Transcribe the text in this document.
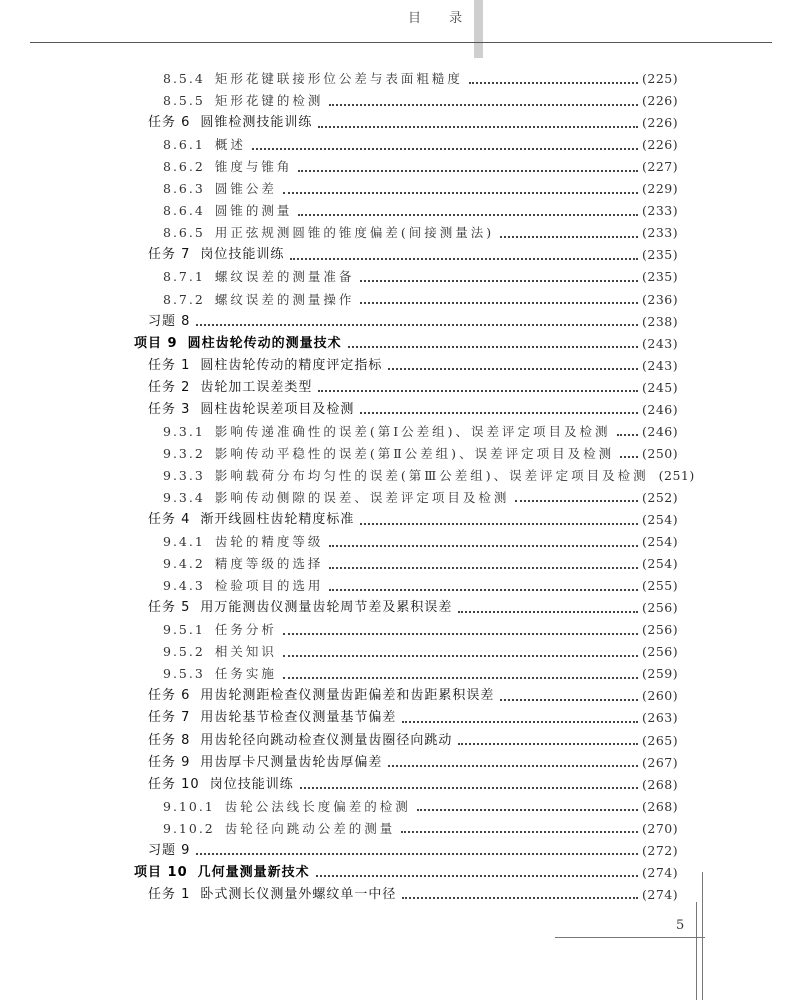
目 录
8.5.4 矩形花键联接形位公差与表面粗糙度	(225)
8.5.5 矩形花键的检测	(226)
任务 6 圆锥检测技能训练	(226)
8.6.1 概述	(226)
8.6.2 锥度与锥角	(227)
8.6.3 圆锥公差	(229)
8.6.4 圆锥的测量	(233)
8.6.5 用正弦规测圆锥的锥度偏差(间接测量法)	(233)
任务 7 岗位技能训练	(235)
8.7.1 螺纹误差的测量准备	(235)
8.7.2 螺纹误差的测量操作	(236)
习题 8	(238)
项目 9 圆柱齿轮传动的测量技术	(243)
任务 1 圆柱齿轮传动的精度评定指标	(243)
任务 2 齿轮加工误差类型	(245)
任务 3 圆柱齿轮误差项目及检测	(246)
9.3.1 影响传递准确性的误差(第Ⅰ公差组)、误差评定项目及检测	(246)
9.3.2 影响传动平稳性的误差(第Ⅱ公差组)、误差评定项目及检测 (250)
9.3.3 影响载荷分布均匀性的误差(第Ⅲ公差组)、误差评定项目及检测 (251)
9.3.4 影响传动侧隙的误差、误差评定项目及检测	(252)
任务 4 渐开线圆柱齿轮精度标准	(254)
9.4.1 齿轮的精度等级	(254)
9.4.2 精度等级的选择	(254)
9.4.3 检验项目的选用	(255)
任务 5 用万能测齿仪测量齿轮周节差及累积误差	(256)
9.5.1 任务分析	(256)
9.5.2 相关知识	(256)
9.5.3 任务实施	(259)
任务 6 用齿轮测距检查仪测量齿距偏差和齿距累积误差	(260)
任务 7 用齿轮基节检查仪测量基节偏差	(263)
任务 8 用齿轮径向跳动检查仪测量齿圈径向跳动	(265)
任务 9 用齿厚卡尺测量齿轮齿厚偏差	(267)
任务 10 岗位技能训练	(268)
9.10.1 齿轮公法线长度偏差的检测	(268)
9.10.2 齿轮径向跳动公差的测量	(270)
习题 9	(272)
项目 10 几何量测量新技术	(274)
任务 1 卧式测长仪测量外螺纹单一中径	(274)
5
